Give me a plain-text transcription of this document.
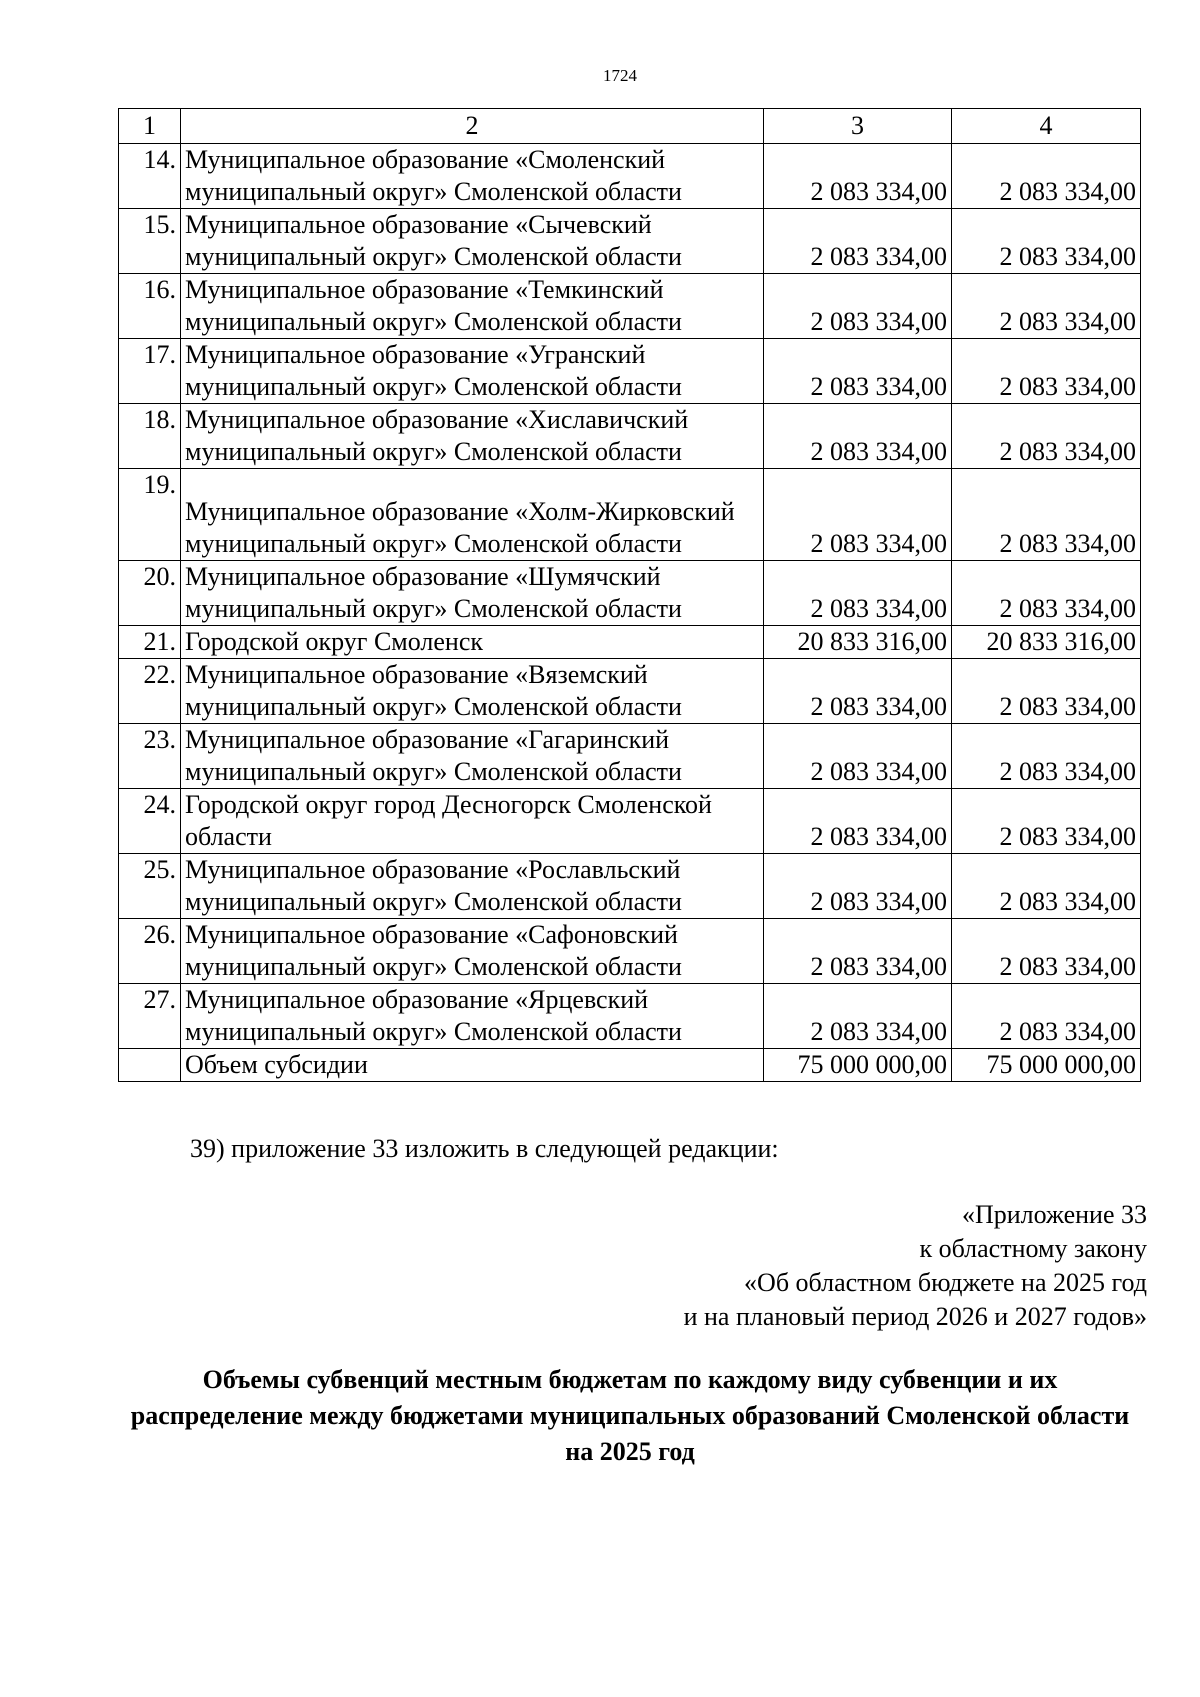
1724
1	2	3	4
14.	Муниципальное образование «Смоленский муниципальный округ» Смоленской области	2 083 334,00	2 083 334,00
15.	Муниципальное образование «Сычевский муниципальный округ» Смоленской области	2 083 334,00	2 083 334,00
16.	Муниципальное образование «Темкинский муниципальный округ» Смоленской области	2 083 334,00	2 083 334,00
17.	Муниципальное образование «Угранский муниципальный округ» Смоленской области	2 083 334,00	2 083 334,00
18.	Муниципальное образование «Хиславичский муниципальный округ» Смоленской области	2 083 334,00	2 083 334,00
19.	Муниципальное образование «Холм-Жирковский муниципальный округ» Смоленской области	2 083 334,00	2 083 334,00
20.	Муниципальное образование «Шумячский муниципальный округ» Смоленской области	2 083 334,00	2 083 334,00
21.	Городской округ Смоленск	20 833 316,00	20 833 316,00
22.	Муниципальное образование «Вяземский муниципальный округ» Смоленской области	2 083 334,00	2 083 334,00
23.	Муниципальное образование «Гагаринский муниципальный округ» Смоленской области	2 083 334,00	2 083 334,00
24.	Городской округ город Десногорск Смоленской области	2 083 334,00	2 083 334,00
25.	Муниципальное образование «Рославльский муниципальный округ» Смоленской области	2 083 334,00	2 083 334,00
26.	Муниципальное образование «Сафоновский муниципальный округ» Смоленской области	2 083 334,00	2 083 334,00
27.	Муниципальное образование «Ярцевский муниципальный округ» Смоленской области	2 083 334,00	2 083 334,00
	Объем субсидии	75 000 000,00	75 000 000,00
39) приложение 33 изложить в следующей редакции:
«Приложение 33
к областному закону
«Об областном бюджете на 2025 год
и на плановый период 2026 и 2027 годов»
Объемы субвенций местным бюджетам по каждому виду субвенции и их распределение между бюджетами муниципальных образований Смоленской области на 2025 год
